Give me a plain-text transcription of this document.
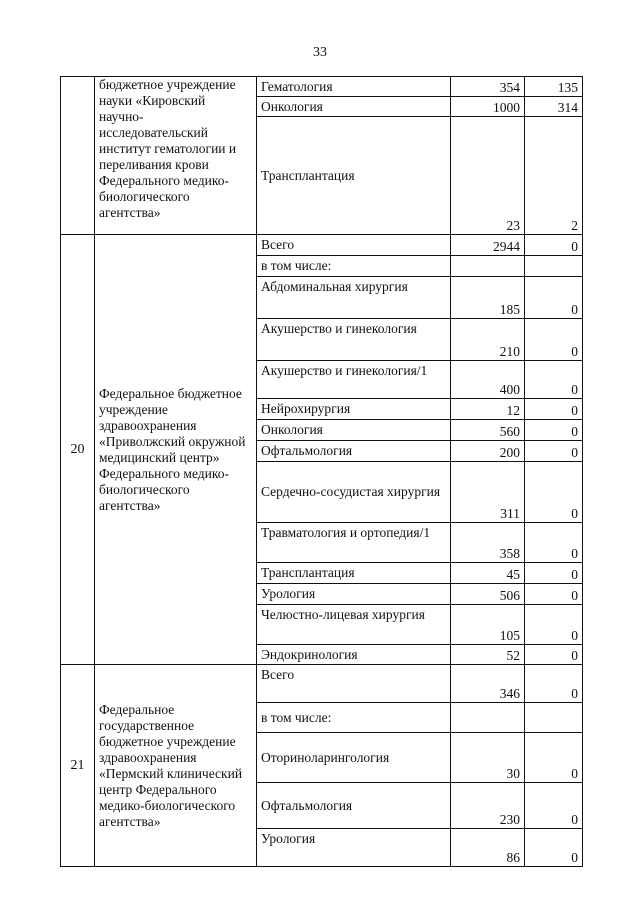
33

	бюджетное учреждение науки «Кировский научно-исследовательский институт гематологии и переливания крови Федерального медико-биологического агентства»	Гематология	354	135
		Онкология	1000	314
		Трансплантация	23	2
20	Федеральное бюджетное учреждение здравоохранения «Приволжский окружной медицинский центр» Федерального медико-биологического агентства»	Всего	2944	0
		в том числе:		
		Абдоминальная хирургия	185	0
		Акушерство и гинекология	210	0
		Акушерство и гинекология/1	400	0
		Нейрохирургия	12	0
		Онкология	560	0
		Офтальмология	200	0
		Сердечно-сосудистая хирургия	311	0
		Травматология и ортопедия/1	358	0
		Трансплантация	45	0
		Урология	506	0
		Челюстно-лицевая хирургия	105	0
		Эндокринология	52	0
21	Федеральное государственное бюджетное учреждение здравоохранения «Пермский клинический центр Федерального медико-биологического агентства»	Всего	346	0
		в том числе:		
		Оториноларингология	30	0
		Офтальмология	230	0
		Урология	86	0
